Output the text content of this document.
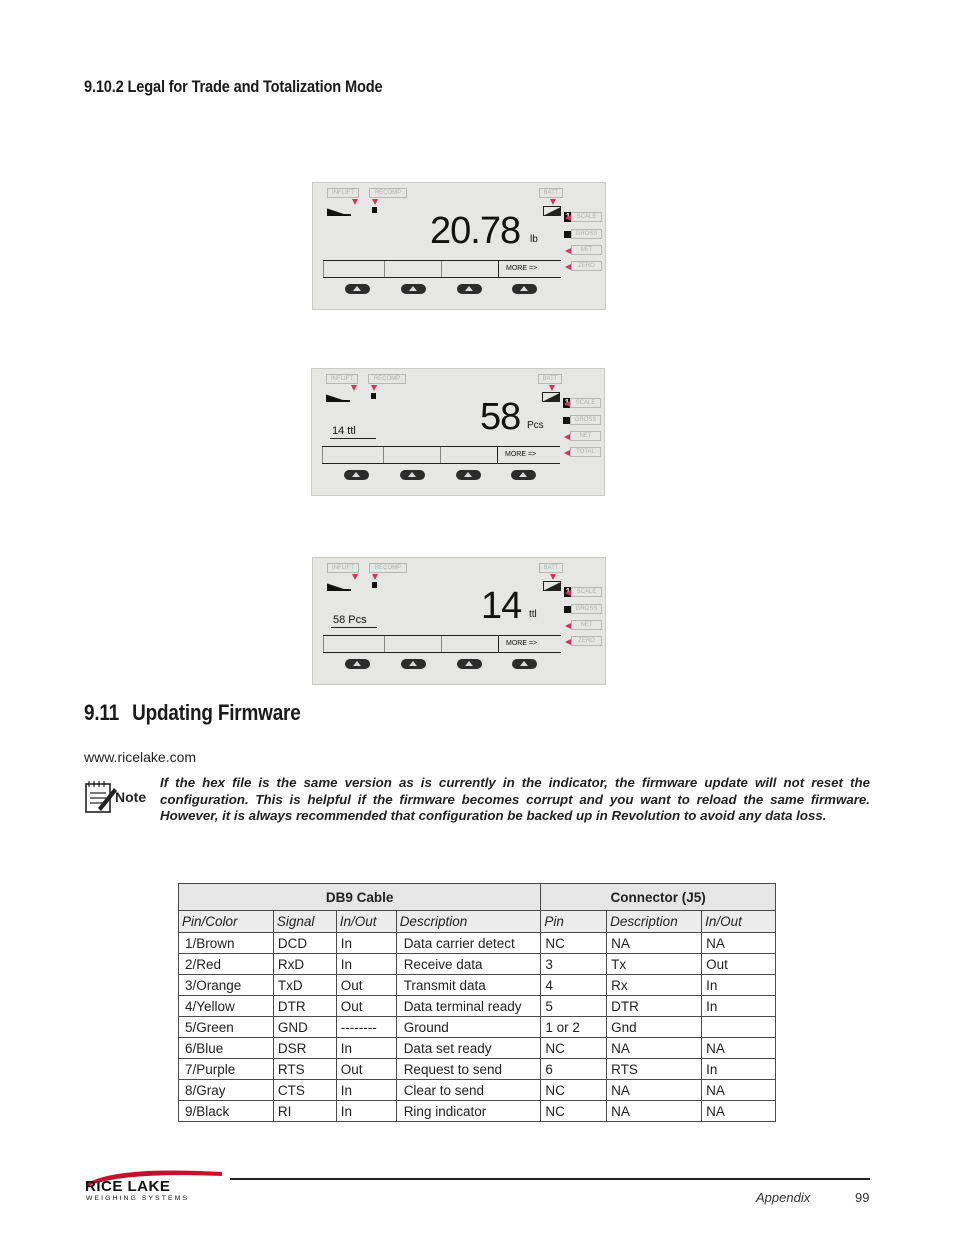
9.10.2 Legal for Trade and Totalization Mode
INFLIFT	RECOMP	BATT
1	SCALE
GROSS
NET
ZERO
20.78 lb
MORE =>
INFLIFT	RECOMP	BATT
1	SCALE
GROSS
NET
TOTAL
58 Pcs
14 ttl
MORE =>
INFLIFT	RECOMP	BATT
1	SCALE
GROSS
NET
ZERO
14 ttl
58 Pcs
MORE =>
9.11 Updating Firmware
www.ricelake.com
Note

If the hex file is the same version as is currently in the indicator, the firmware update will not reset the configuration. This is helpful if the firmware becomes corrupt and you want to reload the same firmware. However, it is always recommended that configuration be backed up in Revolution to avoid any data loss.

DB9 Cable				Connector (J5)		
Pin/Color	Signal	In/Out	Description	Pin	Description	In/Out
1/Brown	DCD	In	Data carrier detect	NC	NA	NA
2/Red	RxD	In	Receive data	3	Tx	Out
3/Orange	TxD	Out	Transmit data	4	Rx	In
4/Yellow	DTR	Out	Data terminal ready	5	DTR	In
5/Green	GND	--------	Ground	1 or 2	Gnd	
6/Blue	DSR	In	Data set ready	NC	NA	NA
7/Purple	RTS	Out	Request to send	6	RTS	In
8/Gray	CTS	In	Clear to send	NC	NA	NA
9/Black	RI	In	Ring indicator	NC	NA	NA
RICE LAKE
WEIGHING SYSTEMS	Appendix	99
